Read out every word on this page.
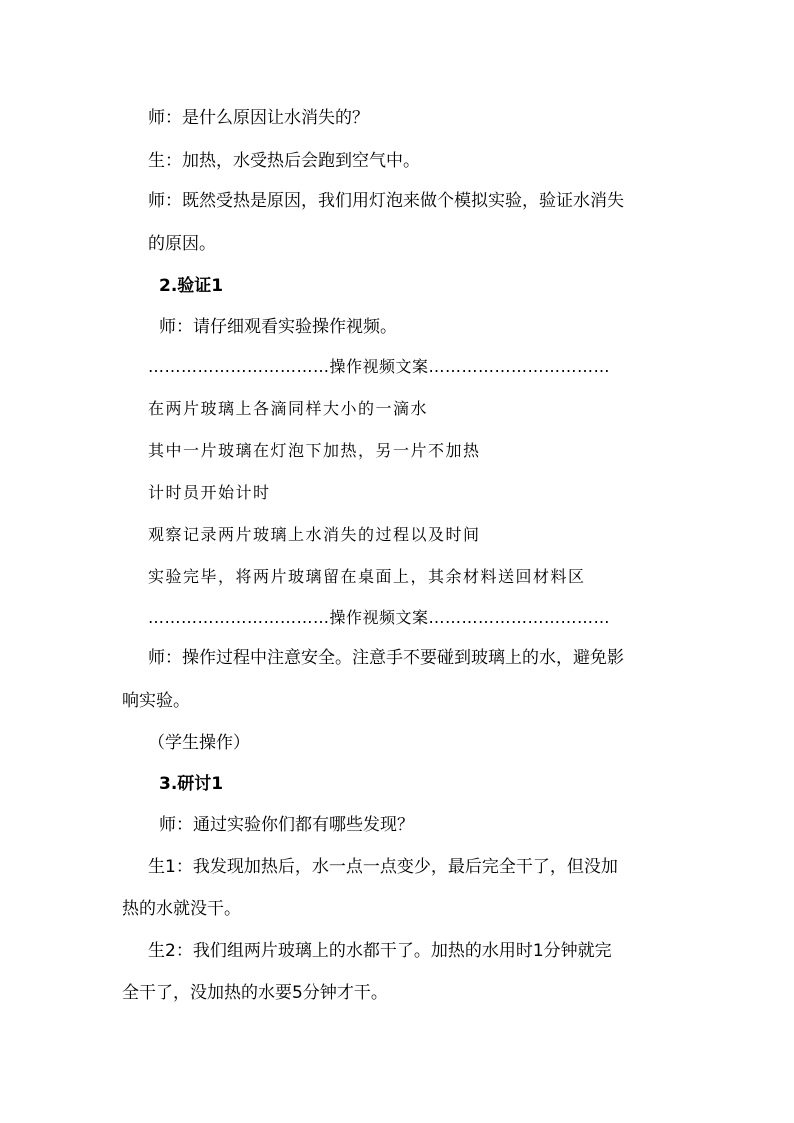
师：是什么原因让水消失的？
生：加热，水受热后会跑到空气中。
师：既然受热是原因，我们用灯泡来做个模拟实验，验证水消失
的原因。
2.验证1
师：请仔细观看实验操作视频。
……………………………操作视频文案……………………………
在两片玻璃上各滴同样大小的一滴水
其中一片玻璃在灯泡下加热，另一片不加热
计时员开始计时
观察记录两片玻璃上水消失的过程以及时间
实验完毕，将两片玻璃留在桌面上，其余材料送回材料区
……………………………操作视频文案……………………………
师：操作过程中注意安全。注意手不要碰到玻璃上的水，避免影
响实验。
（学生操作）
3.研讨1
师：通过实验你们都有哪些发现？
生1：我发现加热后，水一点一点变少，最后完全干了，但没加
热的水就没干。
生2：我们组两片玻璃上的水都干了。加热的水用时1分钟就完
全干了，没加热的水要5分钟才干。
